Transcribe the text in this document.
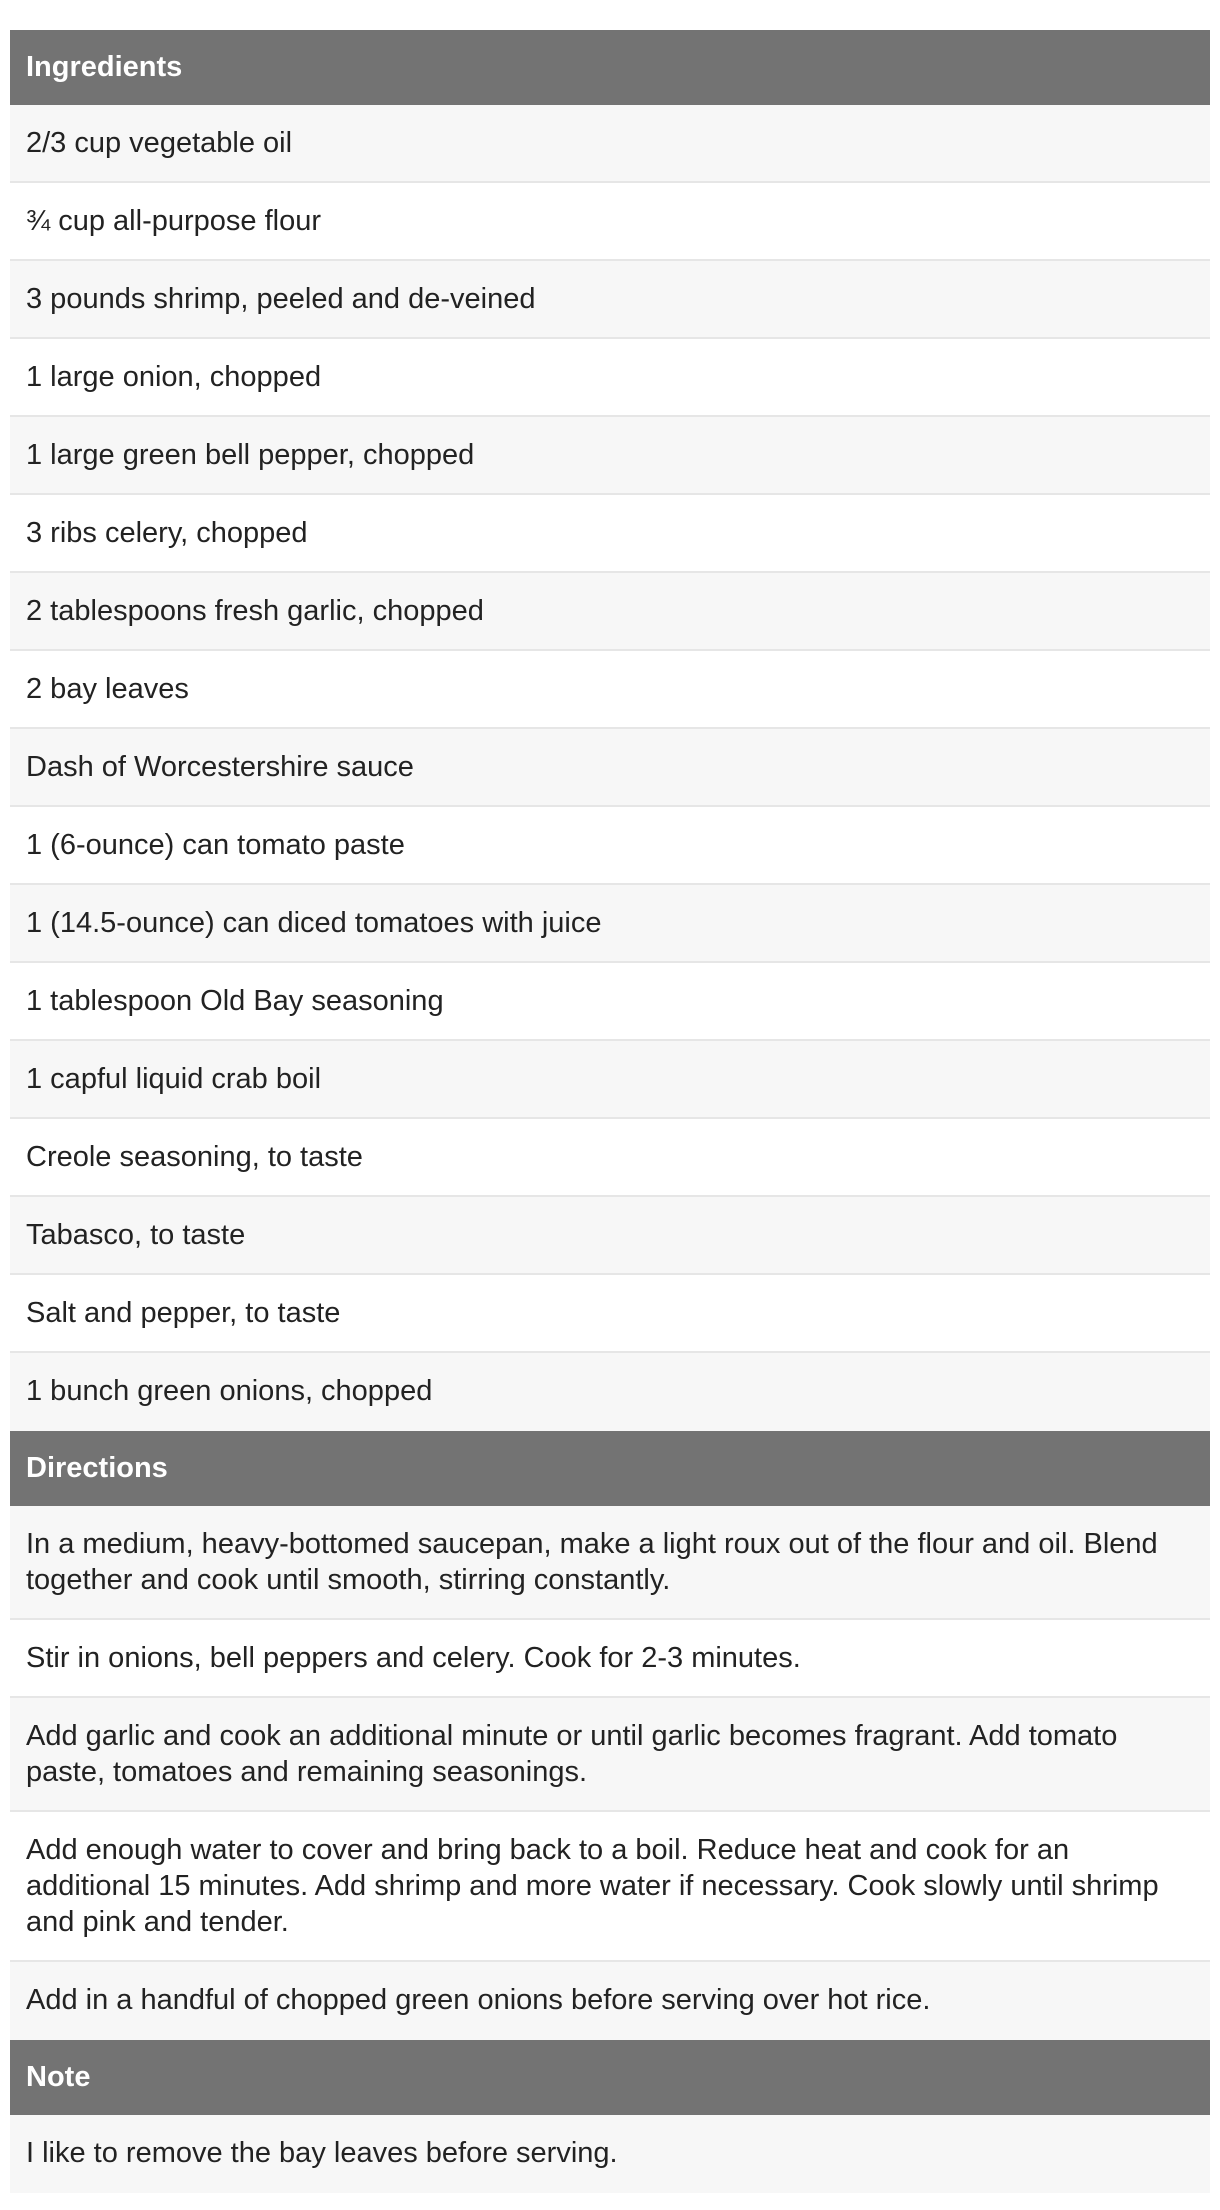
Ingredients
2/3 cup vegetable oil
¾ cup all-purpose flour
3 pounds shrimp, peeled and de-veined
1 large onion, chopped
1 large green bell pepper, chopped
3 ribs celery, chopped
2 tablespoons fresh garlic, chopped
2 bay leaves
Dash of Worcestershire sauce
1 (6-ounce) can tomato paste
1 (14.5-ounce) can diced tomatoes with juice
1 tablespoon Old Bay seasoning
1 capful liquid crab boil
Creole seasoning, to taste
Tabasco, to taste
Salt and pepper, to taste
1 bunch green onions, chopped
Directions
In a medium, heavy-bottomed saucepan, make a light roux out of the flour and oil. Blend together and cook until smooth, stirring constantly.
Stir in onions, bell peppers and celery. Cook for 2-3 minutes.
Add garlic and cook an additional minute or until garlic becomes fragrant. Add tomato paste, tomatoes and remaining seasonings.
Add enough water to cover and bring back to a boil. Reduce heat and cook for an additional 15 minutes. Add shrimp and more water if necessary. Cook slowly until shrimp and pink and tender.
Add in a handful of chopped green onions before serving over hot rice.
Note
I like to remove the bay leaves before serving.
